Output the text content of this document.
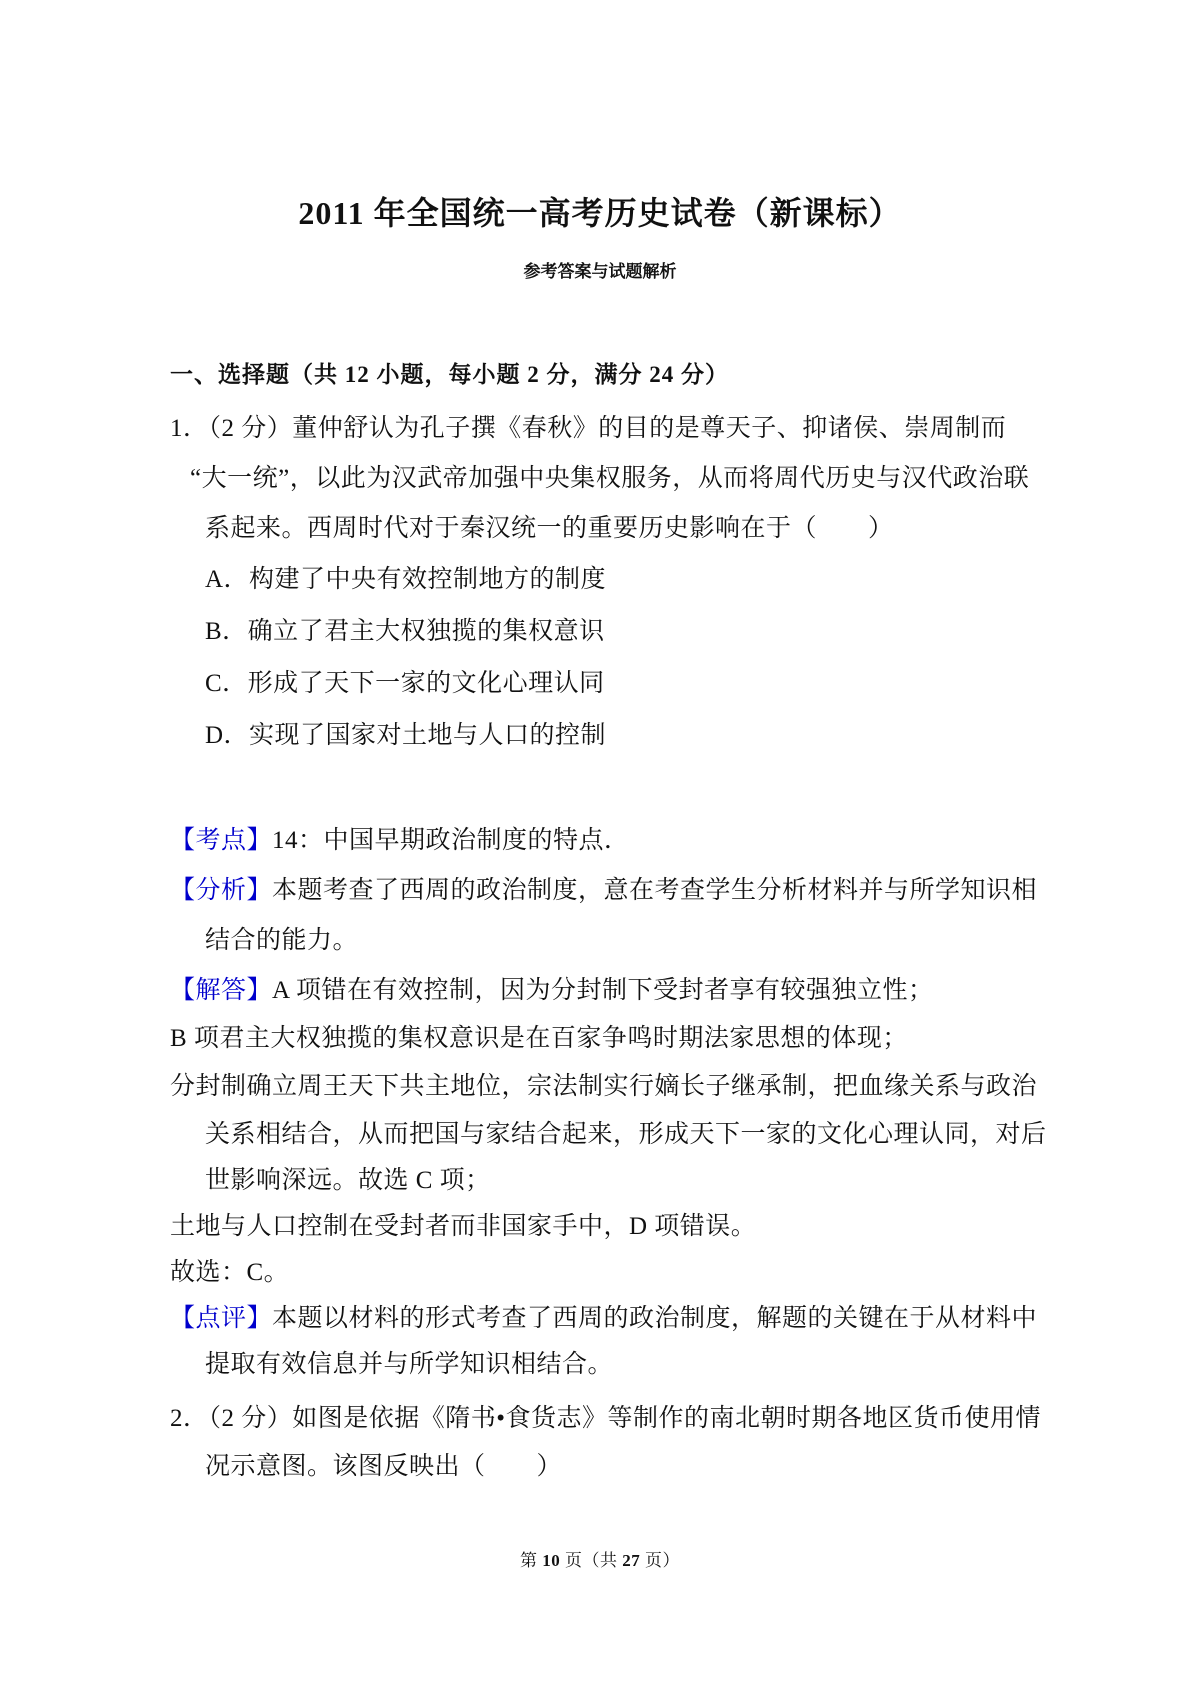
2011 年全国统一高考历史试卷（新课标）
参考答案与试题解析
一、选择题（共 12 小题，每小题 2 分，满分 24 分）
1．（2 分）董仲舒认为孔子撰《春秋》的目的是尊天子、抑诸侯、崇周制而
“大一统”，以此为汉武帝加强中央集权服务，从而将周代历史与汉代政治联
系起来。西周时代对于秦汉统一的重要历史影响在于（　　）
A．构建了中央有效控制地方的制度
B．确立了君主大权独揽的集权意识
C．形成了天下一家的文化心理认同
D．实现了国家对土地与人口的控制
【考点】14：中国早期政治制度的特点．
【分析】本题考查了西周的政治制度，意在考查学生分析材料并与所学知识相
结合的能力。
【解答】A 项错在有效控制，因为分封制下受封者享有较强独立性；
B 项君主大权独揽的集权意识是在百家争鸣时期法家思想的体现；
分封制确立周王天下共主地位，宗法制实行嫡长子继承制，把血缘关系与政治
关系相结合，从而把国与家结合起来，形成天下一家的文化心理认同，对后
世影响深远。故选 C 项；
土地与人口控制在受封者而非国家手中，D 项错误。
故选：C。
【点评】本题以材料的形式考查了西周的政治制度，解题的关键在于从材料中
提取有效信息并与所学知识相结合。
2．（2 分）如图是依据《隋书•食货志》等制作的南北朝时期各地区货币使用情
况示意图。该图反映出（　　）
第 10 页（共 27 页）
